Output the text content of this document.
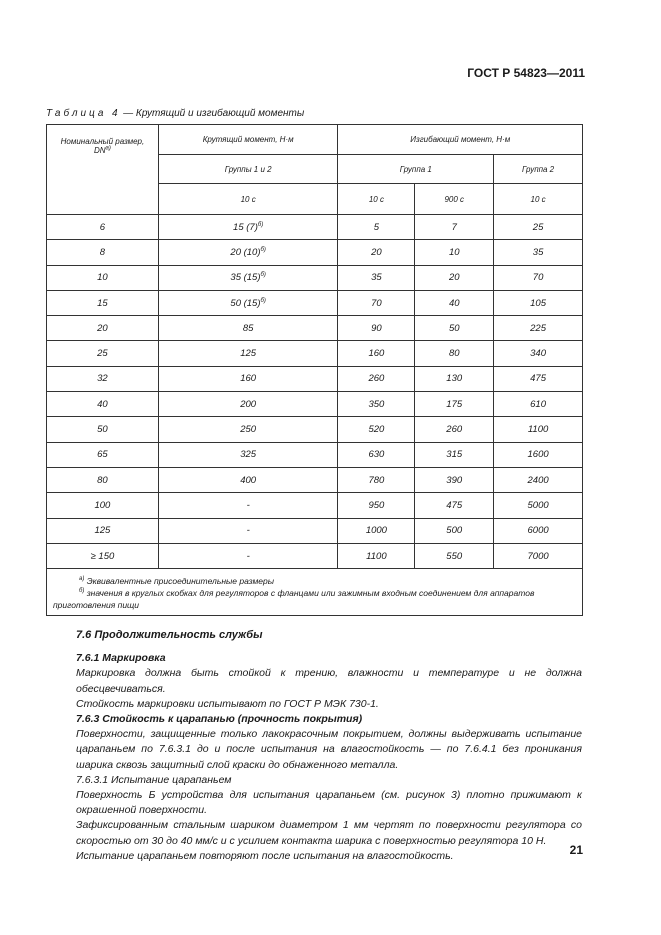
ГОСТ Р 54823—2011
Таблица 4 — Крутящий и изгибающий моменты
Номинальный размер,
$DN^{а)}$	Крутящий момент, Н·м	Изгибающий момент, Н·м		
	Группы 1 и 2	Группа 1		Группа 2
	10 с	10 с	900 с	10 с
6	15 $(7)^{б)}$	5	7	25
8	20 $(10)^{б)}$	20	10	35
10	35 $(15)^{б)}$	35	20	70
15	50 $(15)^{б)}$	70	40	105
20	85	90	50	225
25	125	160	80	340
32	160	260	130	475
40	200	350	175	610
50	250	520	260	1100
65	325	630	315	1600
80	400	780	390	2400
100	-	950	475	5000
125	-	1000	500	6000
≥ 150	-	1100	550	7000

$^{а)}$ Эквивалентные присоединительные размеры
$^{б)}$ значения в круглых скобках для регуляторов с фланцами или зажимным входным соединением для аппаратов приготовления пищи				

7.6 Продолжительность службы

7.6.1 Маркировка

Маркировка должна быть стойкой к трению, влажности и температуре и не должна обесцвечиваться.

Стойкость маркировки испытывают по ГОСТ Р МЭК 730-1.

7.6.3 Стойкость к царапанью (прочность покрытия)

Поверхности, защищенные только лакокрасочным покрытием, должны выдерживать испытание царапаньем по 7.6.3.1 до и после испытания на влагостойкость — по 7.6.4.1 без проникания шарика сквозь защитный слой краски до обнаженного металла.

7.6.3.1 Испытание царапаньем

Поверхность Б устройства для испытания царапаньем (см. рисунок 3) плотно прижимают к окрашенной поверхности.

Зафиксированным стальным шариком диаметром 1 мм чертят по поверхности регулятора со скоростью от 30 до 40 мм/с и с усилием контакта шарика с поверхностью регулятора 10 Н.

Испытание царапаньем повторяют после испытания на влагостойкость.	21
